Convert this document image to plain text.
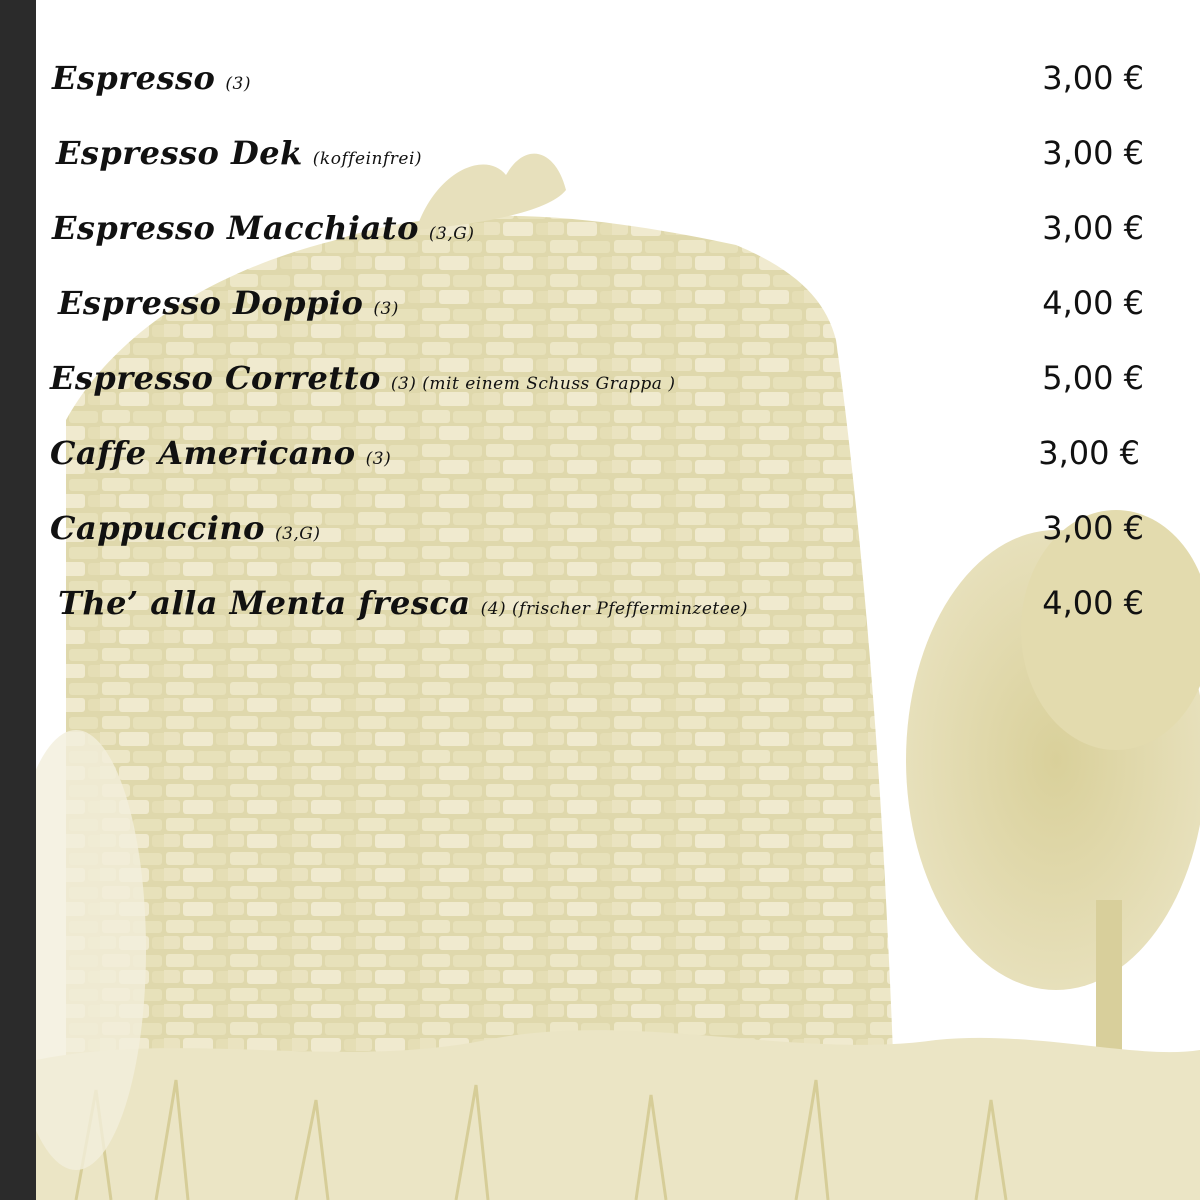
Espresso (3)	3,00 €
Espresso Dek (koffeinfrei)	3,00 €
Espresso Macchiato (3,G)	3,00 €
Espresso Doppio (3)	4,00 €
Espresso Corretto (3) (mit einem Schuss Grappa )	5,00 €
Caffe Americano (3)	3,00 €
Cappuccino (3,G)	3,00 €
The’ alla Menta fresca (4) (frischer Pfefferminzetee)	4,00 €
